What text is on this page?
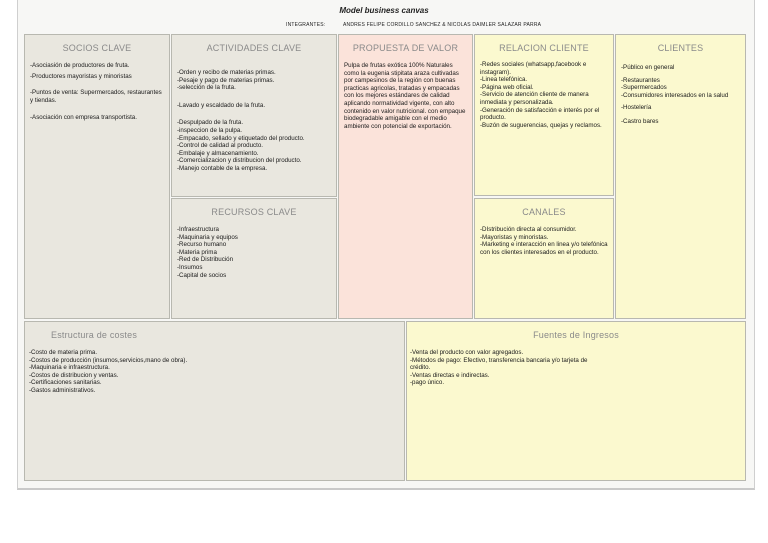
Model business canvas
INTEGRANTES:	ANDRES FELIPE CORDILLO SANCHEZ & NICOLAS DAIMLER SALAZAR PARRA
SOCIOS CLAVE
-Asociasión de productores de fruta.
-Productores mayoristas y minoristas
-Puntos de venta: Supermercados, restaurantes y tiendas.
-Asociación con empresa transportista.
ACTIVIDADES CLAVE
-Orden y recibo de materias primas.
-Pesaje y pago de materias primas.
-selección de la fruta.
-Lavado y escaldado de la fruta.
-Despulpado de la fruta.
-inspeccion de la pulpa.
-Empacado, sellado y etiquetado del producto.
-Control de calidad al producto.
-Embalaje y almacenamiento.
-Comercializacion y distribucion del producto.
-Manejo contable de la empresa.
RECURSOS CLAVE
-Infraestructura
-Maquinaria y equipos
-Recurso humano
-Materia prima
-Red de Distribución
-Insumos
-Capital de socios
PROPUESTA DE VALOR
Pulpa de frutas exótica 100% Naturales como la eugenia stipitata araza cultivadas por campesinos de la región con buenas practicas agricolas, tratadas y empacadas con los mejores estándares de calidad aplicando normatividad vigente, con alto contenido en valor nutricional. con empaque biodegradable amigable con el medio ambiente con potencial de exportación.
RELACION CLIENTE
-Redes sociales (whatsapp,facebook e instagram).
-Linea telefónica.
-Página web oficial.
-Servicio de atención cliente de manera inmediata y personalizada.
-Generación de satisfacción e interés por el producto.
-Buzón de suguerencias, quejas y reclamos.
CANALES
-DIstribución directa al consumidor.
-Mayoristas y minoristas.
-Marketing e interacción en linea y/o telefónica con los clientes interesados en el producto.
CLIENTES
-Público en general
-Restaurantes
-Supermercados
-Consumidores interesados en la salud
-Hostelería
-Castro bares
Estructura de costes
-Costo de materia prima.
-Costos de producción (insumos,servicios,mano de obra).
-Maquinaria e infraestructura.
-Costos de distribucion y ventas.
-Certificaciones sanitarias.
-Gastos administrativos.
Fuentes de Ingresos
-Venta del producto con valor agregados.
-Métodos de pago: Efectivo, transferencia bancaria y/o tarjeta de crédito.
-Ventas directas e indirectas.
-pago único.
